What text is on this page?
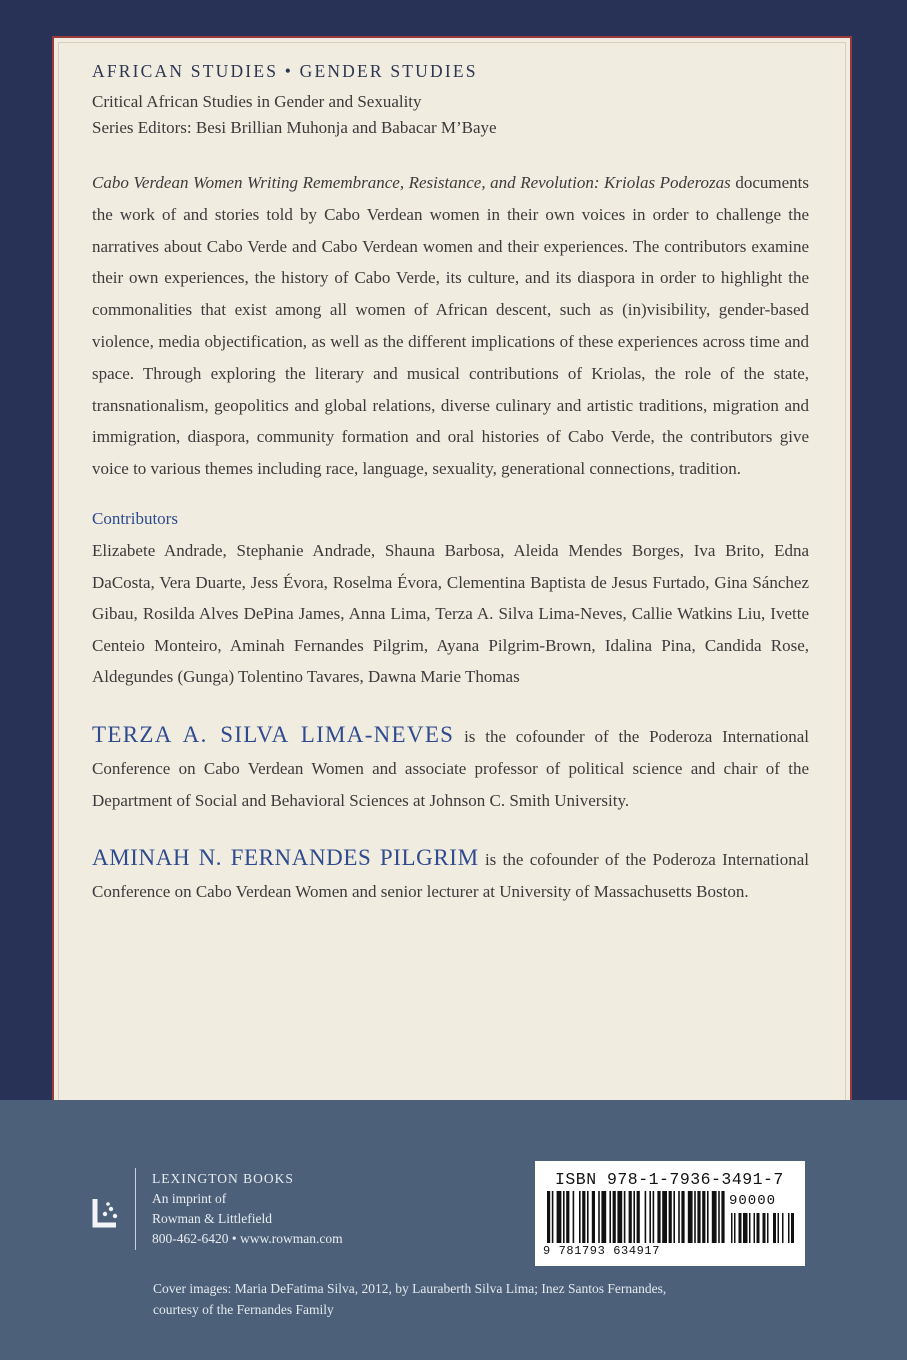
AFRICAN STUDIES • GENDER STUDIES

Critical African Studies in Gender and Sexuality

Series Editors: Besi Brillian Muhonja and Babacar M’Baye

Cabo Verdean Women Writing Remembrance, Resistance, and Revolution: Kriolas Poderozas documents the work of and stories told by Cabo Verdean women in their own voices in order to challenge the narratives about Cabo Verde and Cabo Verdean women and their experiences. The contributors examine their own experiences, the history of Cabo Verde, its culture, and its diaspora in order to highlight the commonalities that exist among all women of African descent, such as (in)visibility, gender-based violence, media objectification, as well as the different implications of these experiences across time and space. Through exploring the literary and musical contributions of Kriolas, the role of the state, transnationalism, geopolitics and global relations, diverse culinary and artistic traditions, migration and immigration, diaspora, community formation and oral histories of Cabo Verde, the contributors give voice to various themes including race, language, sexuality, generational connections, tradition.
Contributors
Elizabete Andrade, Stephanie Andrade, Shauna Barbosa, Aleida Mendes Borges, Iva Brito, Edna DaCosta, Vera Duarte, Jess Évora, Roselma Évora, Clementina Baptista de Jesus Furtado, Gina Sánchez Gibau, Rosilda Alves DePina James, Anna Lima, Terza A. Silva Lima-Neves, Callie Watkins Liu, Ivette Centeio Monteiro, Aminah Fernandes Pilgrim, Ayana Pilgrim-Brown, Idalina Pina, Candida Rose, Aldegundes (Gunga) Tolentino Tavares, Dawna Marie Thomas
TERZA A. SILVA LIMA-NEVES is the cofounder of the Poderoza International Conference on Cabo Verdean Women and associate professor of political science and chair of the Department of Social and Behavioral Sciences at Johnson C. Smith University.
AMINAH N. FERNANDES PILGRIM is the cofounder of the Poderoza International Conference on Cabo Verdean Women and senior lecturer at University of Massachusetts Boston.
LEXINGTON BOOKS
An imprint of
Rowman & Littlefield
800-462-6420 • www.rowman.com
ISBN 978-1-7936-3491-7
90000
9 781793 634917
Cover images: Maria DeFatima Silva, 2012, by Lauraberth Silva Lima; Inez Santos Fernandes, courtesy of the Fernandes Family
